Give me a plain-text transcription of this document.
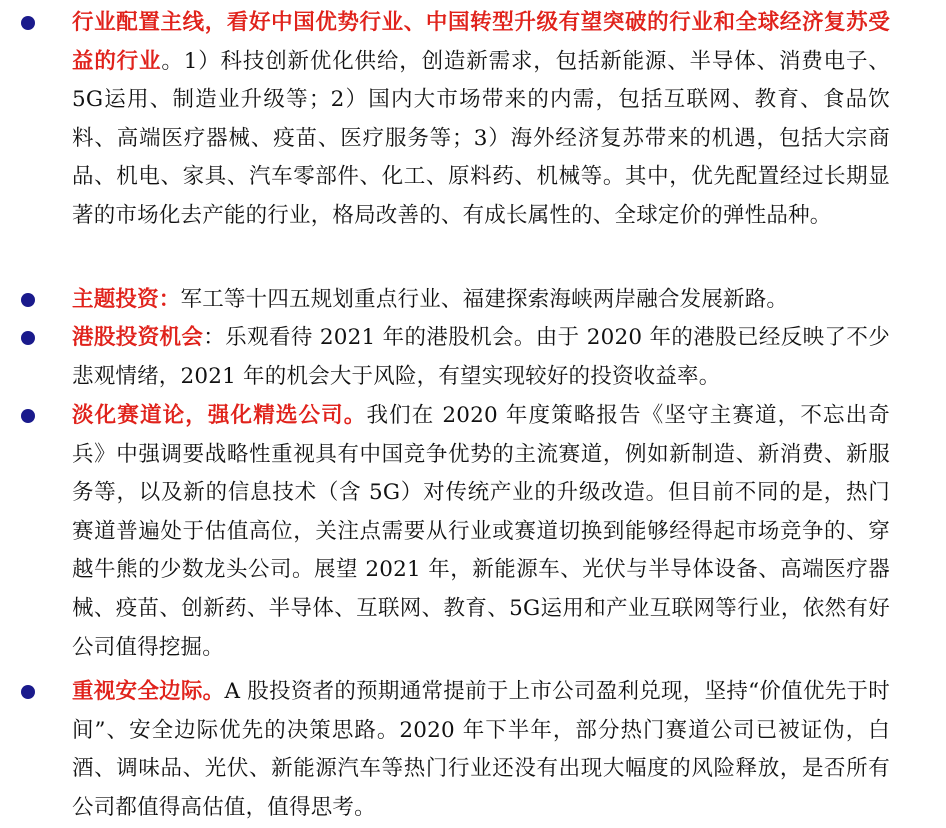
行业配置主线，看好中国优势行业、中国转型升级有望突破的行业和全球经济复苏受益的行业。1）科技创新优化供给，创造新需求，包括新能源、半导体、消费电子、5G运用、制造业升级等；2）国内大市场带来的内需，包括互联网、教育、食品饮料、高端医疗器械、疫苗、医疗服务等；3）海外经济复苏带来的机遇，包括大宗商品、机电、家具、汽车零部件、化工、原料药、机械等。其中，优先配置经过长期显著的市场化去产能的行业，格局改善的、有成长属性的、全球定价的弹性品种。
主题投资：军工等十四五规划重点行业、福建探索海峡两岸融合发展新路。
港股投资机会：乐观看待 2021 年的港股机会。由于 2020 年的港股已经反映了不少悲观情绪，2021 年的机会大于风险，有望实现较好的投资收益率。
淡化赛道论，强化精选公司。我们在 2020 年度策略报告《坚守主赛道，不忘出奇兵》中强调要战略性重视具有中国竞争优势的主流赛道，例如新制造、新消费、新服务等，以及新的信息技术（含 5G）对传统产业的升级改造。但目前不同的是，热门赛道普遍处于估值高位，关注点需要从行业或赛道切换到能够经得起市场竞争的、穿越牛熊的少数龙头公司。展望 2021 年，新能源车、光伏与半导体设备、高端医疗器械、疫苗、创新药、半导体、互联网、教育、5G运用和产业互联网等行业，依然有好公司值得挖掘。
重视安全边际。A 股投资者的预期通常提前于上市公司盈利兑现，坚持“价值优先于时间”、安全边际优先的决策思路。2020 年下半年，部分热门赛道公司已被证伪，白酒、调味品、光伏、新能源汽车等热门行业还没有出现大幅度的风险释放，是否所有公司都值得高估值，值得思考。
